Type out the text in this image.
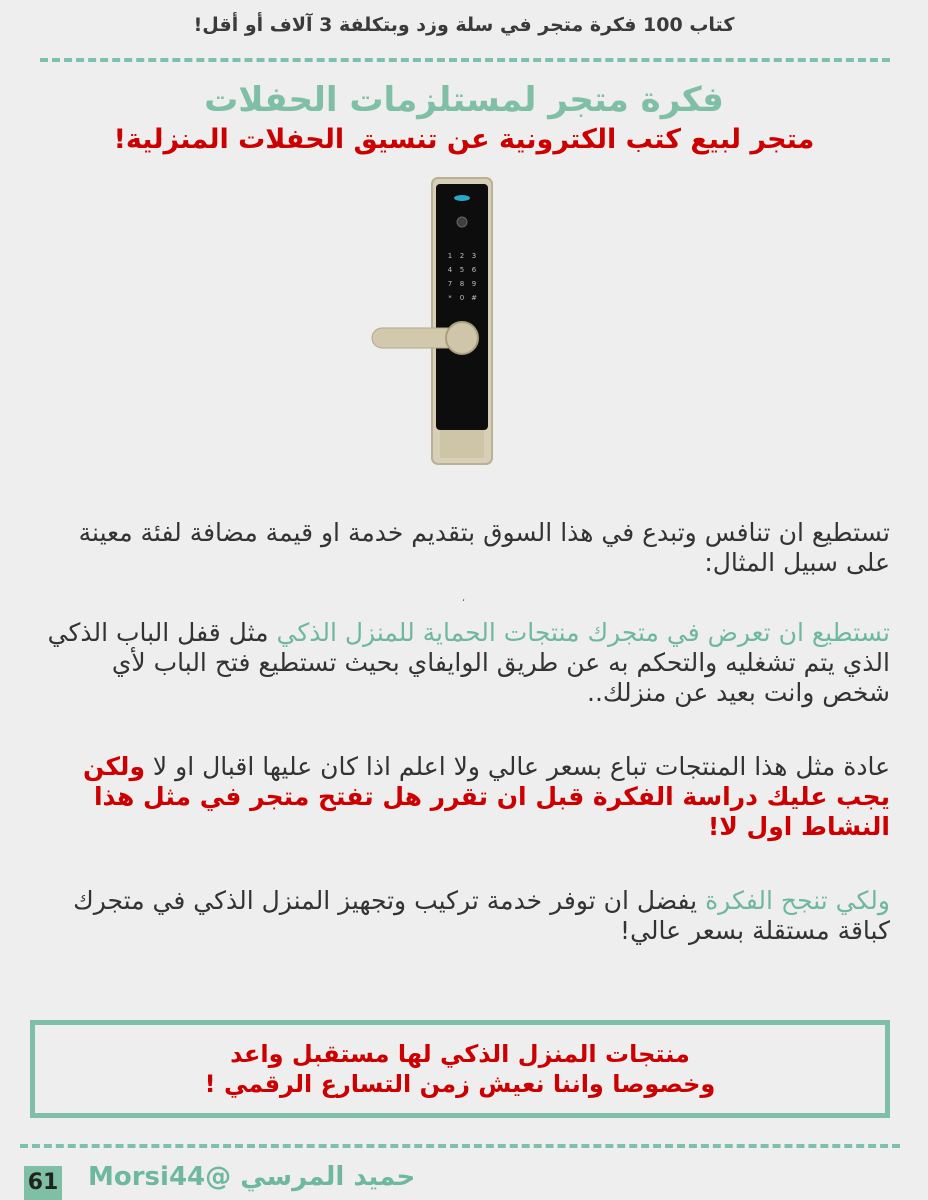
كتاب 100 فكرة متجر في سلة وزد وبتكلفة 3 آلاف أو أقل!
فكرة متجر لمستلزمات الحفلات
متجر لبيع كتب الكترونية عن تنسيق الحفلات المنزلية!
1 2 3
4 5 6
7 8 9
* 0 #
تستطيع ان تنافس وتبدع في هذا السوق بتقديم خدمة او قيمة مضافة لفئة معينة على سبيل المثال:
،
تستطيع ان تعرض في متجرك منتجات الحماية للمنزل الذكي مثل قفل الباب الذكي الذي يتم تشغليه والتحكم به عن طريق الوايفاي بحيث تستطيع فتح الباب لأي شخص وانت بعيد عن منزلك..
عادة مثل هذا المنتجات تباع بسعر عالي ولا اعلم اذا كان عليها اقبال او لا ولكن يجب عليك دراسة الفكرة قبل ان تقرر هل تفتح متجر في مثل هذا النشاط اول لا!
ولكي تنجح الفكرة يفضل ان توفر خدمة تركيب وتجهيز المنزل الذكي في متجرك كباقة مستقلة بسعر عالي!
منتجات المنزل الذكي لها مستقبل واعد
وخصوصا واننا نعيش زمن التسارع الرقمي !
61 حميد المرسي @Morsi44
